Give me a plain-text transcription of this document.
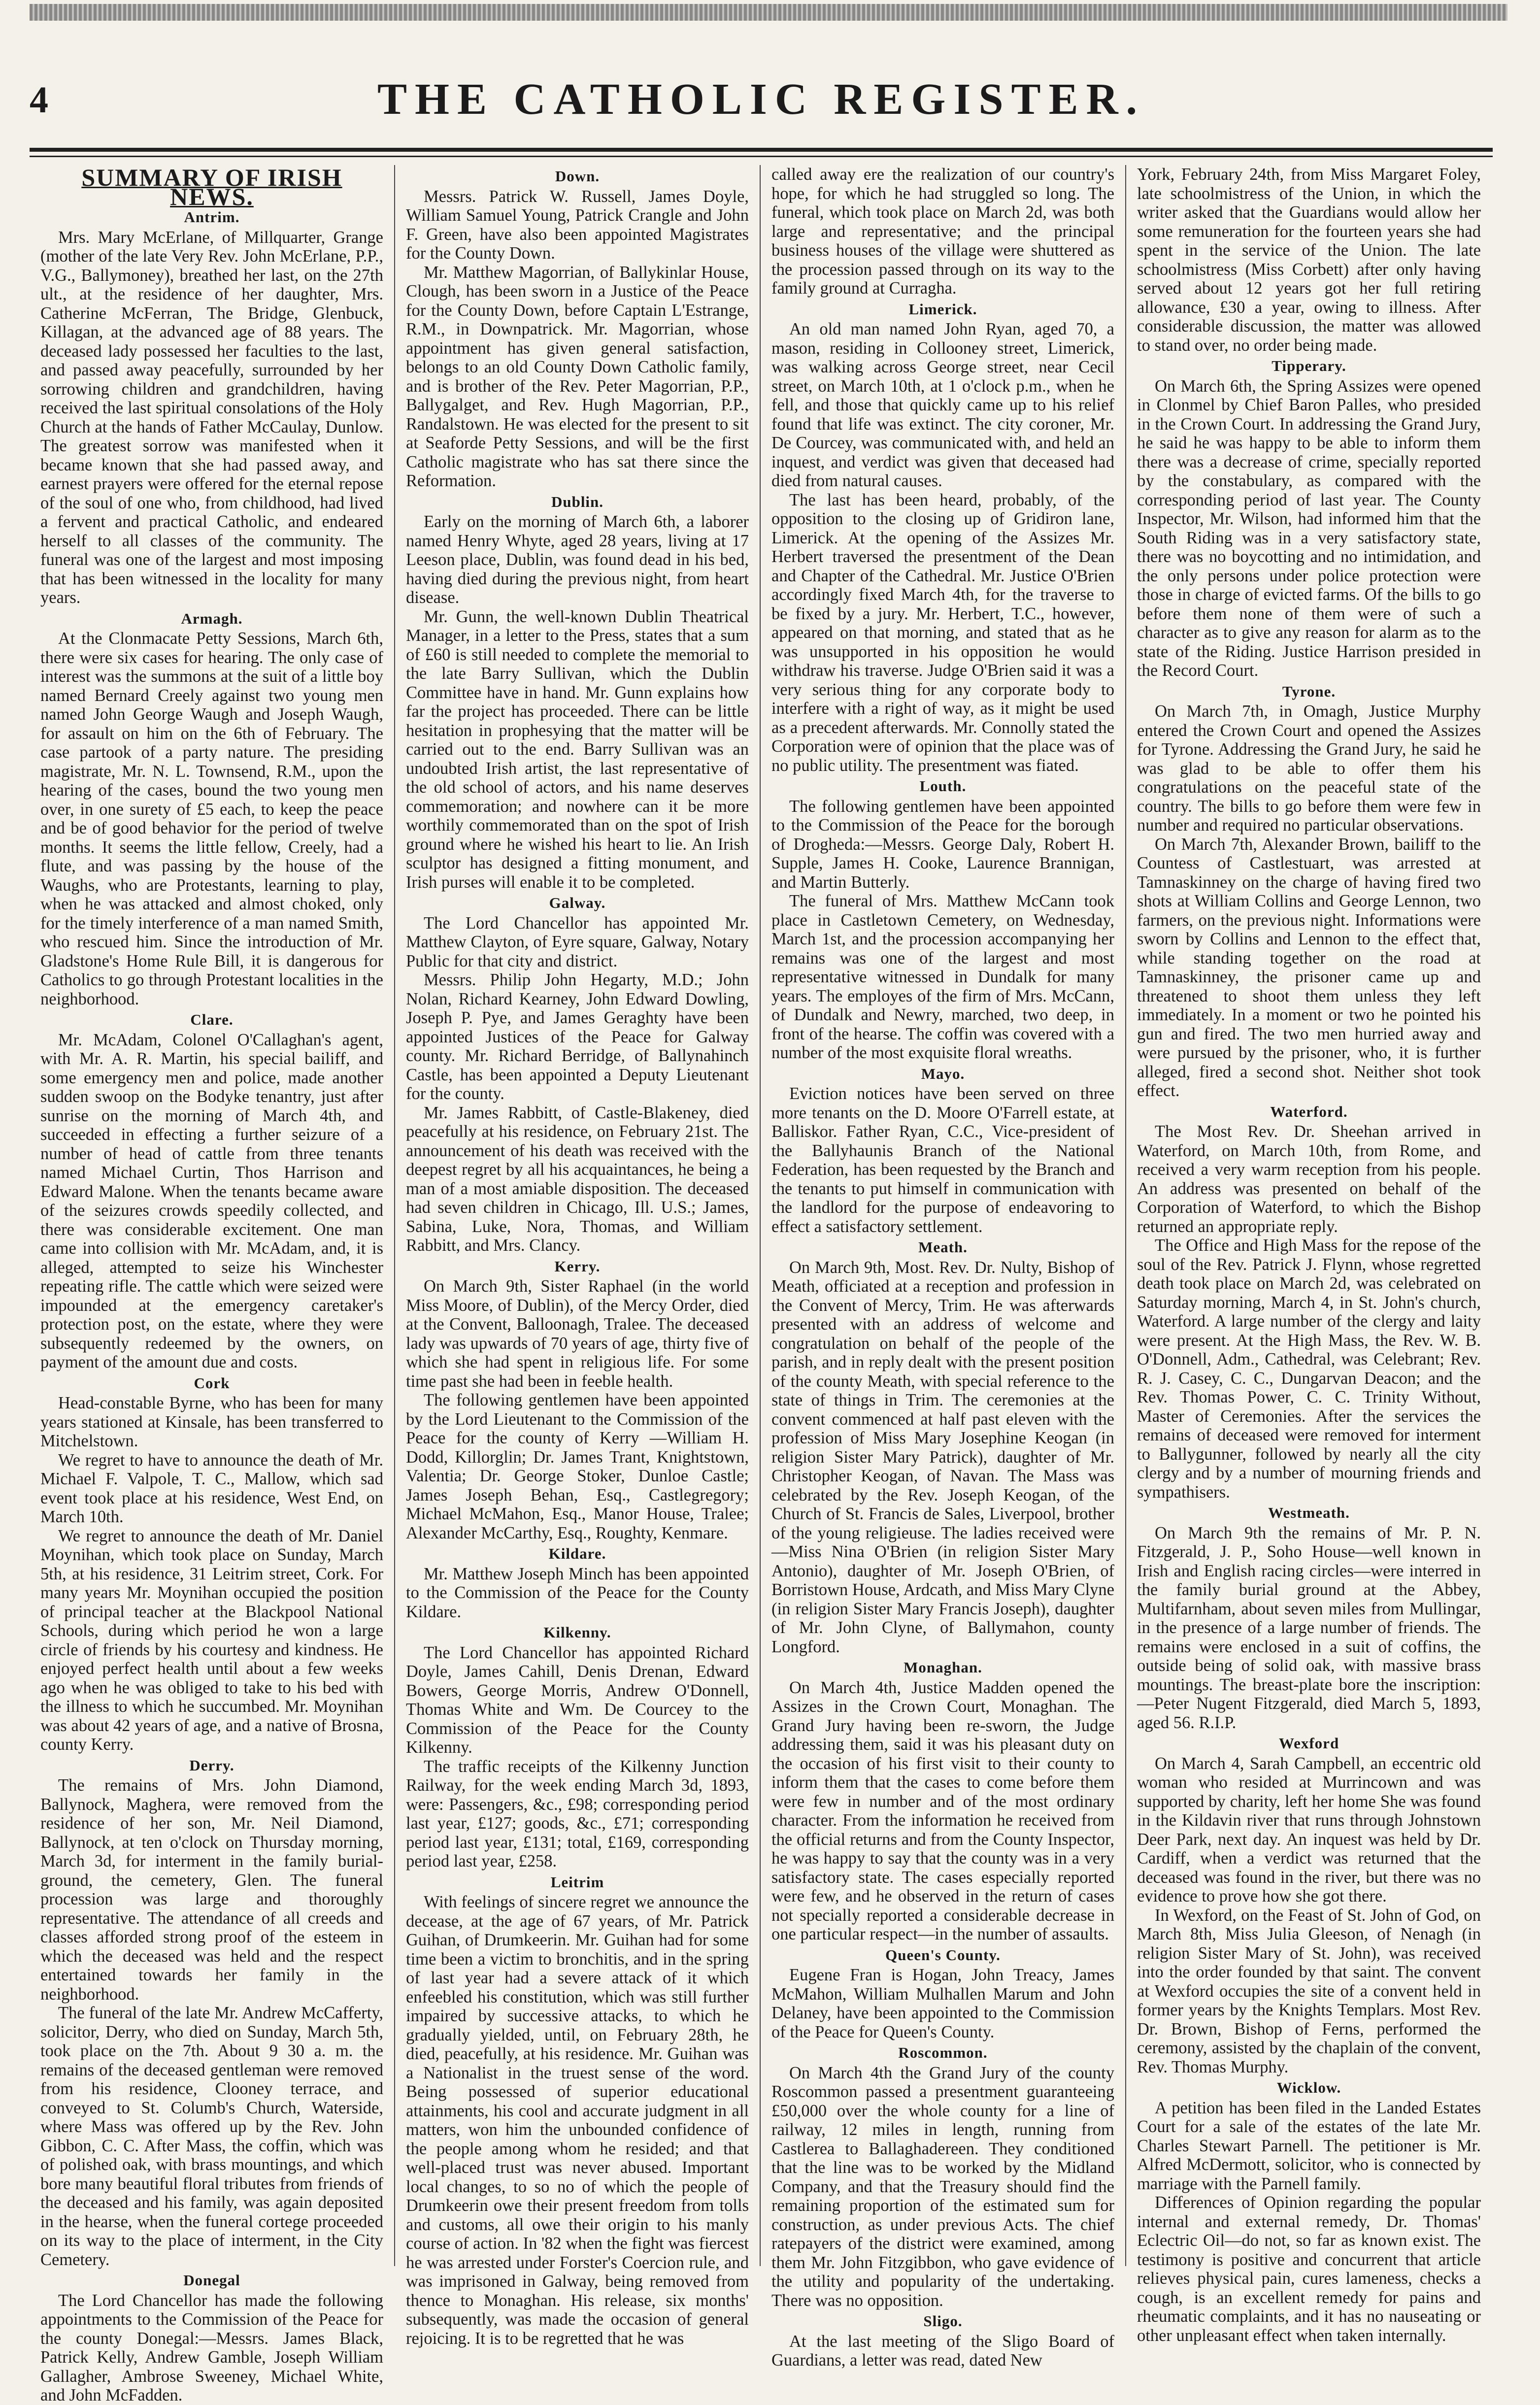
4	THE CATHOLIC REGISTER.
SUMMARY OF IRISH NEWS.
Antrim.

Mrs. Mary McErlane, of Millquarter, Grange (mother of the late Very Rev. John McErlane, P.P., V.G., Ballymoney), breathed her last, on the 27th ult., at the residence of her daughter, Mrs. Catherine McFerran, The Bridge, Glenbuck, Killagan, at the advanced age of 88 years. The deceased lady possessed her faculties to the last, and passed away peacefully, surrounded by her sorrowing children and grandchildren, having received the last spiritual consolations of the Holy Church at the hands of Father McCaulay, Dunlow. The greatest sorrow was manifested when it became known that she had passed away, and earnest prayers were offered for the eternal repose of the soul of one who, from childhood, had lived a fervent and practical Catholic, and endeared herself to all classes of the community. The funeral was one of the largest and most imposing that has been witnessed in the locality for many years.

Armagh.

At the Clonmacate Petty Sessions, March 6th, there were six cases for hearing. The only case of interest was the summons at the suit of a little boy named Bernard Creely against two young men named John George Waugh and Joseph Waugh, for assault on him on the 6th of February. The case partook of a party nature. The presiding magistrate, Mr. N. L. Townsend, R.M., upon the hearing of the cases, bound the two young men over, in one surety of £5 each, to keep the peace and be of good behavior for the period of twelve months. It seems the little fellow, Creely, had a flute, and was passing by the house of the Waughs, who are Protestants, learning to play, when he was attacked and almost choked, only for the timely interference of a man named Smith, who rescued him. Since the introduction of Mr. Gladstone's Home Rule Bill, it is dangerous for Catholics to go through Protestant localities in the neighborhood.

Clare.

Mr. McAdam, Colonel O'Callaghan's agent, with Mr. A. R. Martin, his special bailiff, and some emergency men and police, made another sudden swoop on the Bodyke tenantry, just after sunrise on the morning of March 4th, and succeeded in effecting a further seizure of a number of head of cattle from three tenants named Michael Curtin, Thos Harrison and Edward Malone. When the tenants became aware of the seizures crowds speedily collected, and there was considerable excitement. One man came into collision with Mr. McAdam, and, it is alleged, attempted to seize his Winchester repeating rifle. The cattle which were seized were impounded at the emergency caretaker's protection post, on the estate, where they were subsequently redeemed by the owners, on payment of the amount due and costs.

Cork

Head-constable Byrne, who has been for many years stationed at Kinsale, has been transferred to Mitchelstown.

We regret to have to announce the death of Mr. Michael F. Valpole, T. C., Mallow, which sad event took place at his residence, West End, on March 10th.

We regret to announce the death of Mr. Daniel Moynihan, which took place on Sunday, March 5th, at his residence, 31 Leitrim street, Cork. For many years Mr. Moynihan occupied the position of principal teacher at the Blackpool National Schools, during which period he won a large circle of friends by his courtesy and kindness. He enjoyed perfect health until about a few weeks ago when he was obliged to take to his bed with the illness to which he succumbed. Mr. Moynihan was about 42 years of age, and a native of Brosna, county Kerry.

Derry.

The remains of Mrs. John Diamond, Ballynock, Maghera, were removed from the residence of her son, Mr. Neil Diamond, Ballynock, at ten o'clock on Thursday morning, March 3d, for interment in the family burial-ground, the cemetery, Glen. The funeral procession was large and thoroughly representative. The attendance of all creeds and classes afforded strong proof of the esteem in which the deceased was held and the respect entertained towards her family in the neighborhood.

The funeral of the late Mr. Andrew McCafferty, solicitor, Derry, who died on Sunday, March 5th, took place on the 7th. About 9 30 a. m. the remains of the deceased gentleman were removed from his residence, Clooney terrace, and conveyed to St. Columb's Church, Waterside, where Mass was offered up by the Rev. John Gibbon, C. C. After Mass, the coffin, which was of polished oak, with brass mountings, and which bore many beautiful floral tributes from friends of the deceased and his family, was again deposited in the hearse, when the funeral cortege proceeded on its way to the place of interment, in the City Cemetery.

Donegal

The Lord Chancellor has made the following appointments to the Commission of the Peace for the county Donegal:—Messrs. James Black, Patrick Kelly, Andrew Gamble, Joseph William Gallagher, Ambrose Sweeney, Michael White, and John McFadden.

Down.

Messrs. Patrick W. Russell, James Doyle, William Samuel Young, Patrick Crangle and John F. Green, have also been appointed Magistrates for the County Down.

Mr. Matthew Magorrian, of Ballykinlar House, Clough, has been sworn in a Justice of the Peace for the County Down, before Captain L'Estrange, R.M., in Downpatrick. Mr. Magorrian, whose appointment has given general satisfaction, belongs to an old County Down Catholic family, and is brother of the Rev. Peter Magorrian, P.P., Ballygalget, and Rev. Hugh Magorrian, P.P., Randalstown. He was elected for the present to sit at Seaforde Petty Sessions, and will be the first Catholic magistrate who has sat there since the Reformation.

Dublin.

Early on the morning of March 6th, a laborer named Henry Whyte, aged 28 years, living at 17 Leeson place, Dublin, was found dead in his bed, having died during the previous night, from heart disease.

Mr. Gunn, the well-known Dublin Theatrical Manager, in a letter to the Press, states that a sum of £60 is still needed to complete the memorial to the late Barry Sullivan, which the Dublin Committee have in hand. Mr. Gunn explains how far the project has proceeded. There can be little hesitation in prophesying that the matter will be carried out to the end. Barry Sullivan was an undoubted Irish artist, the last representative of the old school of actors, and his name deserves commemoration; and nowhere can it be more worthily commemorated than on the spot of Irish ground where he wished his heart to lie. An Irish sculptor has designed a fitting monument, and Irish purses will enable it to be completed.

Galway.

The Lord Chancellor has appointed Mr. Matthew Clayton, of Eyre square, Galway, Notary Public for that city and district.

Messrs. Philip John Hegarty, M.D.; John Nolan, Richard Kearney, John Edward Dowling, Joseph P. Pye, and James Geraghty have been appointed Justices of the Peace for Galway county. Mr. Richard Berridge, of Ballynahinch Castle, has been appointed a Deputy Lieutenant for the county.

Mr. James Rabbitt, of Castle-Blakeney, died peacefully at his residence, on February 21st. The announcement of his death was received with the deepest regret by all his acquaintances, he being a man of a most amiable disposition. The deceased had seven children in Chicago, Ill. U.S.; James, Sabina, Luke, Nora, Thomas, and William Rabbitt, and Mrs. Clancy.

Kerry.

On March 9th, Sister Raphael (in the world Miss Moore, of Dublin), of the Mercy Order, died at the Convent, Balloonagh, Tralee. The deceased lady was upwards of 70 years of age, thirty five of which she had spent in religious life. For some time past she had been in feeble health.

The following gentlemen have been appointed by the Lord Lieutenant to the Commission of the Peace for the county of Kerry —William H. Dodd, Killorglin; Dr. James Trant, Knightstown, Valentia; Dr. George Stoker, Dunloe Castle; James Joseph Behan, Esq., Castlegregory; Michael McMahon, Esq., Manor House, Tralee; Alexander McCarthy, Esq., Roughty, Kenmare.

Kildare.

Mr. Matthew Joseph Minch has been appointed to the Commission of the Peace for the County Kildare.

Kilkenny.

The Lord Chancellor has appointed Richard Doyle, James Cahill, Denis Drenan, Edward Bowers, George Morris, Andrew O'Donnell, Thomas White and Wm. De Courcey to the Commission of the Peace for the County Kilkenny.

The traffic receipts of the Kilkenny Junction Railway, for the week ending March 3d, 1893, were: Passengers, &c., £98; corresponding period last year, £127; goods, &c., £71; corresponding period last year, £131; total, £169, corresponding period last year, £258.

Leitrim

With feelings of sincere regret we announce the decease, at the age of 67 years, of Mr. Patrick Guihan, of Drumkeerin. Mr. Guihan had for some time been a victim to bronchitis, and in the spring of last year had a severe attack of it which enfeebled his constitution, which was still further impaired by successive attacks, to which he gradually yielded, until, on February 28th, he died, peacefully, at his residence. Mr. Guihan was a Nationalist in the truest sense of the word. Being possessed of superior educational attainments, his cool and accurate judgment in all matters, won him the unbounded confidence of the people among whom he resided; and that well-placed trust was never abused. Important local changes, to so no of which the people of Drumkeerin owe their present freedom from tolls and customs, all owe their origin to his manly course of action. In '82 when the fight was fiercest he was arrested under Forster's Coercion rule, and was imprisoned in Galway, being removed from thence to Monaghan. His release, six months' subsequently, was made the occasion of general rejoicing. It is to be regretted that he was

called away ere the realization of our country's hope, for which he had struggled so long. The funeral, which took place on March 2d, was both large and representative; and the principal business houses of the village were shuttered as the procession passed through on its way to the family ground at Curragha.

Limerick.

An old man named John Ryan, aged 70, a mason, residing in Collooney street, Limerick, was walking across George street, near Cecil street, on March 10th, at 1 o'clock p.m., when he fell, and those that quickly came up to his relief found that life was extinct. The city coroner, Mr. De Courcey, was communicated with, and held an inquest, and verdict was given that deceased had died from natural causes.

The last has been heard, probably, of the opposition to the closing up of Gridiron lane, Limerick. At the opening of the Assizes Mr. Herbert traversed the presentment of the Dean and Chapter of the Cathedral. Mr. Justice O'Brien accordingly fixed March 4th, for the traverse to be fixed by a jury. Mr. Herbert, T.C., however, appeared on that morning, and stated that as he was unsupported in his opposition he would withdraw his traverse. Judge O'Brien said it was a very serious thing for any corporate body to interfere with a right of way, as it might be used as a precedent afterwards. Mr. Connolly stated the Corporation were of opinion that the place was of no public utility. The presentment was fiated.

Louth.

The following gentlemen have been appointed to the Commission of the Peace for the borough of Drogheda:—Messrs. George Daly, Robert H. Supple, James H. Cooke, Laurence Brannigan, and Martin Butterly.

The funeral of Mrs. Matthew McCann took place in Castletown Cemetery, on Wednesday, March 1st, and the procession accompanying her remains was one of the largest and most representative witnessed in Dundalk for many years. The employes of the firm of Mrs. McCann, of Dundalk and Newry, marched, two deep, in front of the hearse. The coffin was covered with a number of the most exquisite floral wreaths.

Mayo.

Eviction notices have been served on three more tenants on the D. Moore O'Farrell estate, at Balliskor. Father Ryan, C.C., Vice-president of the Ballyhaunis Branch of the National Federation, has been requested by the Branch and the tenants to put himself in communication with the landlord for the purpose of endeavoring to effect a satisfactory settlement.

Meath.

On March 9th, Most. Rev. Dr. Nulty, Bishop of Meath, officiated at a reception and profession in the Convent of Mercy, Trim. He was afterwards presented with an address of welcome and congratulation on behalf of the people of the parish, and in reply dealt with the present position of the county Meath, with special reference to the state of things in Trim. The ceremonies at the convent commenced at half past eleven with the profession of Miss Mary Josephine Keogan (in religion Sister Mary Patrick), daughter of Mr. Christopher Keogan, of Navan. The Mass was celebrated by the Rev. Joseph Keogan, of the Church of St. Francis de Sales, Liverpool, brother of the young religieuse. The ladies received were —Miss Nina O'Brien (in religion Sister Mary Antonio), daughter of Mr. Joseph O'Brien, of Borristown House, Ardcath, and Miss Mary Clyne (in religion Sister Mary Francis Joseph), daughter of Mr. John Clyne, of Ballymahon, county Longford.

Monaghan.

On March 4th, Justice Madden opened the Assizes in the Crown Court, Monaghan. The Grand Jury having been re-sworn, the Judge addressing them, said it was his pleasant duty on the occasion of his first visit to their county to inform them that the cases to come before them were few in number and of the most ordinary character. From the information he received from the official returns and from the County Inspector, he was happy to say that the county was in a very satisfactory state. The cases especially reported were few, and he observed in the return of cases not specially reported a considerable decrease in one particular respect—in the number of assaults.

Queen's County.

Eugene Fran is Hogan, John Treacy, James McMahon, William Mulhallen Marum and John Delaney, have been appointed to the Commission of the Peace for Queen's County.

Roscommon.

On March 4th the Grand Jury of the county Roscommon passed a presentment guaranteeing £50,000 over the whole county for a line of railway, 12 miles in length, running from Castlerea to Ballaghadereen. They conditioned that the line was to be worked by the Midland Company, and that the Treasury should find the remaining proportion of the estimated sum for construction, as under previous Acts. The chief ratepayers of the district were examined, among them Mr. John Fitzgibbon, who gave evidence of the utility and popularity of the undertaking. There was no opposition.

Sligo.

At the last meeting of the Sligo Board of Guardians, a letter was read, dated New

York, February 24th, from Miss Margaret Foley, late schoolmistress of the Union, in which the writer asked that the Guardians would allow her some remuneration for the fourteen years she had spent in the service of the Union. The late schoolmistress (Miss Corbett) after only having served about 12 years got her full retiring allowance, £30 a year, owing to illness. After considerable discussion, the matter was allowed to stand over, no order being made.

Tipperary.

On March 6th, the Spring Assizes were opened in Clonmel by Chief Baron Palles, who presided in the Crown Court. In addressing the Grand Jury, he said he was happy to be able to inform them there was a decrease of crime, specially reported by the constabulary, as compared with the corresponding period of last year. The County Inspector, Mr. Wilson, had informed him that the South Riding was in a very satisfactory state, there was no boycotting and no intimidation, and the only persons under police protection were those in charge of evicted farms. Of the bills to go before them none of them were of such a character as to give any reason for alarm as to the state of the Riding. Justice Harrison presided in the Record Court.

Tyrone.

On March 7th, in Omagh, Justice Murphy entered the Crown Court and opened the Assizes for Tyrone. Addressing the Grand Jury, he said he was glad to be able to offer them his congratulations on the peaceful state of the country. The bills to go before them were few in number and required no particular observations.

On March 7th, Alexander Brown, bailiff to the Countess of Castlestuart, was arrested at Tamnaskinney on the charge of having fired two shots at William Collins and George Lennon, two farmers, on the previous night. Informations were sworn by Collins and Lennon to the effect that, while standing together on the road at Tamnaskinney, the prisoner came up and threatened to shoot them unless they left immediately. In a moment or two he pointed his gun and fired. The two men hurried away and were pursued by the prisoner, who, it is further alleged, fired a second shot. Neither shot took effect.

Waterford.

The Most Rev. Dr. Sheehan arrived in Waterford, on March 10th, from Rome, and received a very warm reception from his people. An address was presented on behalf of the Corporation of Waterford, to which the Bishop returned an appropriate reply.

The Office and High Mass for the repose of the soul of the Rev. Patrick J. Flynn, whose regretted death took place on March 2d, was celebrated on Saturday morning, March 4, in St. John's church, Waterford. A large number of the clergy and laity were present. At the High Mass, the Rev. W. B. O'Donnell, Adm., Cathedral, was Celebrant; Rev. R. J. Casey, C. C., Dungarvan Deacon; and the Rev. Thomas Power, C. C. Trinity Without, Master of Ceremonies. After the services the remains of deceased were removed for interment to Ballygunner, followed by nearly all the city clergy and by a number of mourning friends and sympathisers.

Westmeath.

On March 9th the remains of Mr. P. N. Fitzgerald, J. P., Soho House—well known in Irish and English racing circles—were interred in the family burial ground at the Abbey, Multifarnham, about seven miles from Mullingar, in the presence of a large number of friends. The remains were enclosed in a suit of coffins, the outside being of solid oak, with massive brass mountings. The breast-plate bore the inscription:—Peter Nugent Fitzgerald, died March 5, 1893, aged 56. R.I.P.

Wexford

On March 4, Sarah Campbell, an eccentric old woman who resided at Murrincown and was supported by charity, left her home She was found in the Kildavin river that runs through Johnstown Deer Park, next day. An inquest was held by Dr. Cardiff, when a verdict was returned that the deceased was found in the river, but there was no evidence to prove how she got there.

In Wexford, on the Feast of St. John of God, on March 8th, Miss Julia Gleeson, of Nenagh (in religion Sister Mary of St. John), was received into the order founded by that saint. The convent at Wexford occupies the site of a convent held in former years by the Knights Templars. Most Rev. Dr. Brown, Bishop of Ferns, performed the ceremony, assisted by the chaplain of the convent, Rev. Thomas Murphy.

Wicklow.

A petition has been filed in the Landed Estates Court for a sale of the estates of the late Mr. Charles Stewart Parnell. The petitioner is Mr. Alfred McDermott, solicitor, who is connected by marriage with the Parnell family.

Differences of Opinion regarding the popular internal and external remedy, Dr. Thomas' Eclectric Oil—do not, so far as known exist. The testimony is positive and concurrent that article relieves physical pain, cures lameness, checks a cough, is an excellent remedy for pains and rheumatic complaints, and it has no nauseating or other unpleasant effect when taken internally.
